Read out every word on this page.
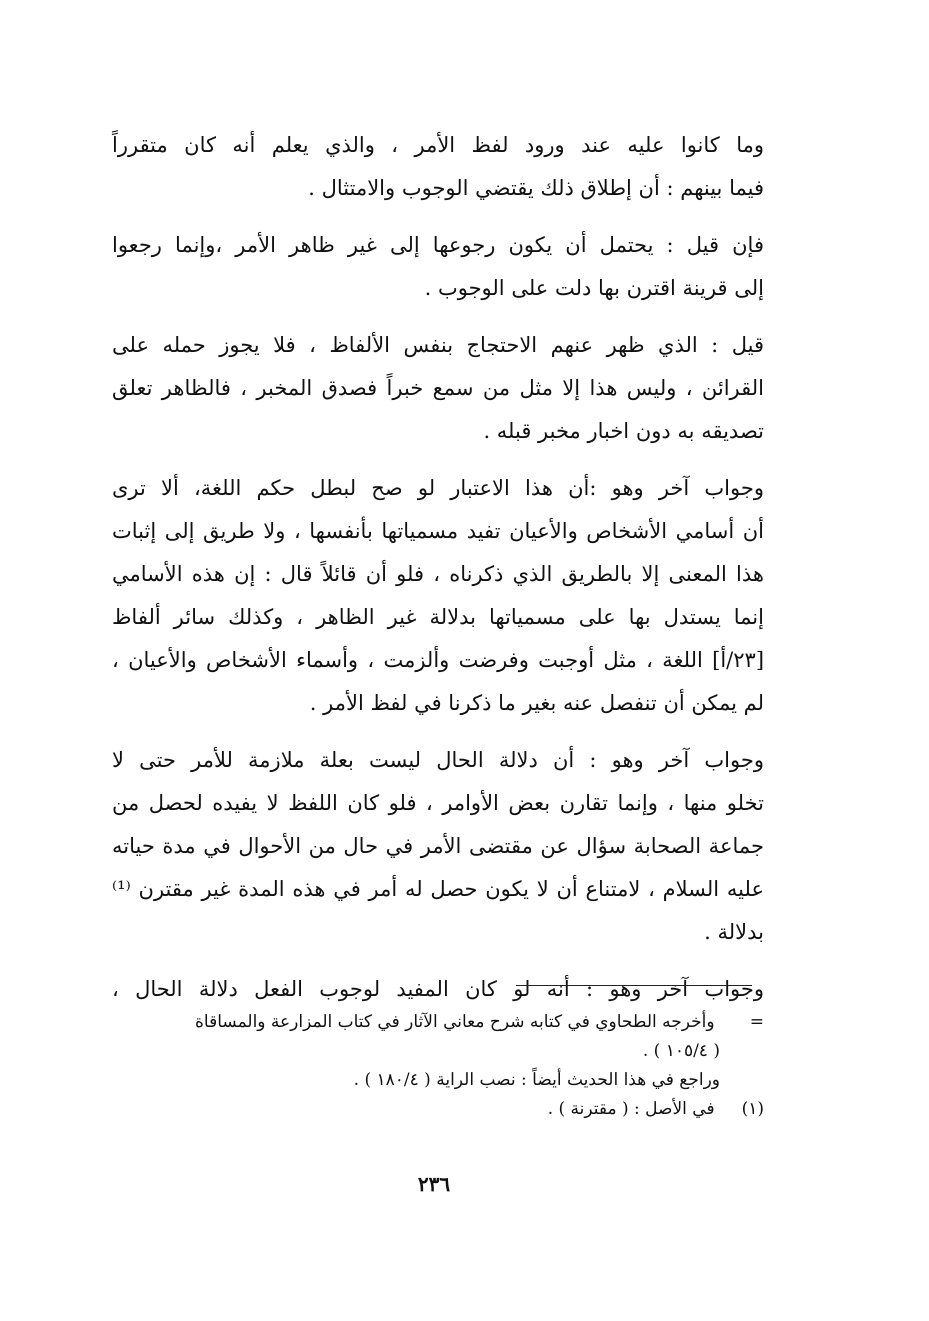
وما كانوا عليه عند ورود لفظ الأمر ، والذي يعلم أنه كان متقرراً
فيما بينهم : أن إطلاق ذلك يقتضي الوجوب والامتثال .
فإن قيل : يحتمل أن يكون رجوعها إلى غير ظاهر الأمر ،وإنما رجعوا
إلى قرينة اقترن بها دلت على الوجوب .
قيل : الذي ظهر عنهم الاحتجاج بنفس الألفاظ ، فلا يجوز حمله على
القرائن ، وليس هذا إلا مثل من سمع خبراً فصدق المخبر ، فالظاهر تعلق
تصديقه به دون اخبار مخبر قبله .
وجواب آخر وهو :أن هذا الاعتبار لو صح لبطل حكم اللغة، ألا ترى
أن أسامي الأشخاص والأعيان تفيد مسمياتها بأنفسها ، ولا طريق إلى إثبات
هذا المعنى إلا بالطريق الذي ذكرناه ، فلو أن قائلاً قال : إن هذه الأسامي
إنما يستدل بها على مسمياتها بدلالة غير الظاهر ، وكذلك سائر ألفاظ
[٢٣/أ] اللغة ، مثل أوجبت وفرضت وألزمت ، وأسماء الأشخاص والأعيان ،
لم يمكن أن تنفصل عنه بغير ما ذكرنا في لفظ الأمر .
وجواب آخر وهو : أن دلالة الحال ليست بعلة ملازمة للأمر حتى لا
تخلو منها ، وإنما تقارن بعض الأوامر ، فلو كان اللفظ لا يفيده لحصل من
جماعة الصحابة سؤال عن مقتضى الأمر في حال من الأحوال في مدة حياته
عليه السلام ، لامتناع أن لا يكون حصل له أمر في هذه المدة غير مقترن ⁽¹⁾
بدلالة .
وجواب آخر وهو : أنه لو كان المفيد لوجوب الفعل دلالة الحال ،
= وأخرجه الطحاوي في كتابه شرح معاني الآثار في كتاب المزارعة والمساقاة
( ١٠٥/٤ ) .
وراجع في هذا الحديث أيضاً : نصب الراية ( ١٨٠/٤ ) .
(١) في الأصل : ( مقترنة ) .
٢٣٦
